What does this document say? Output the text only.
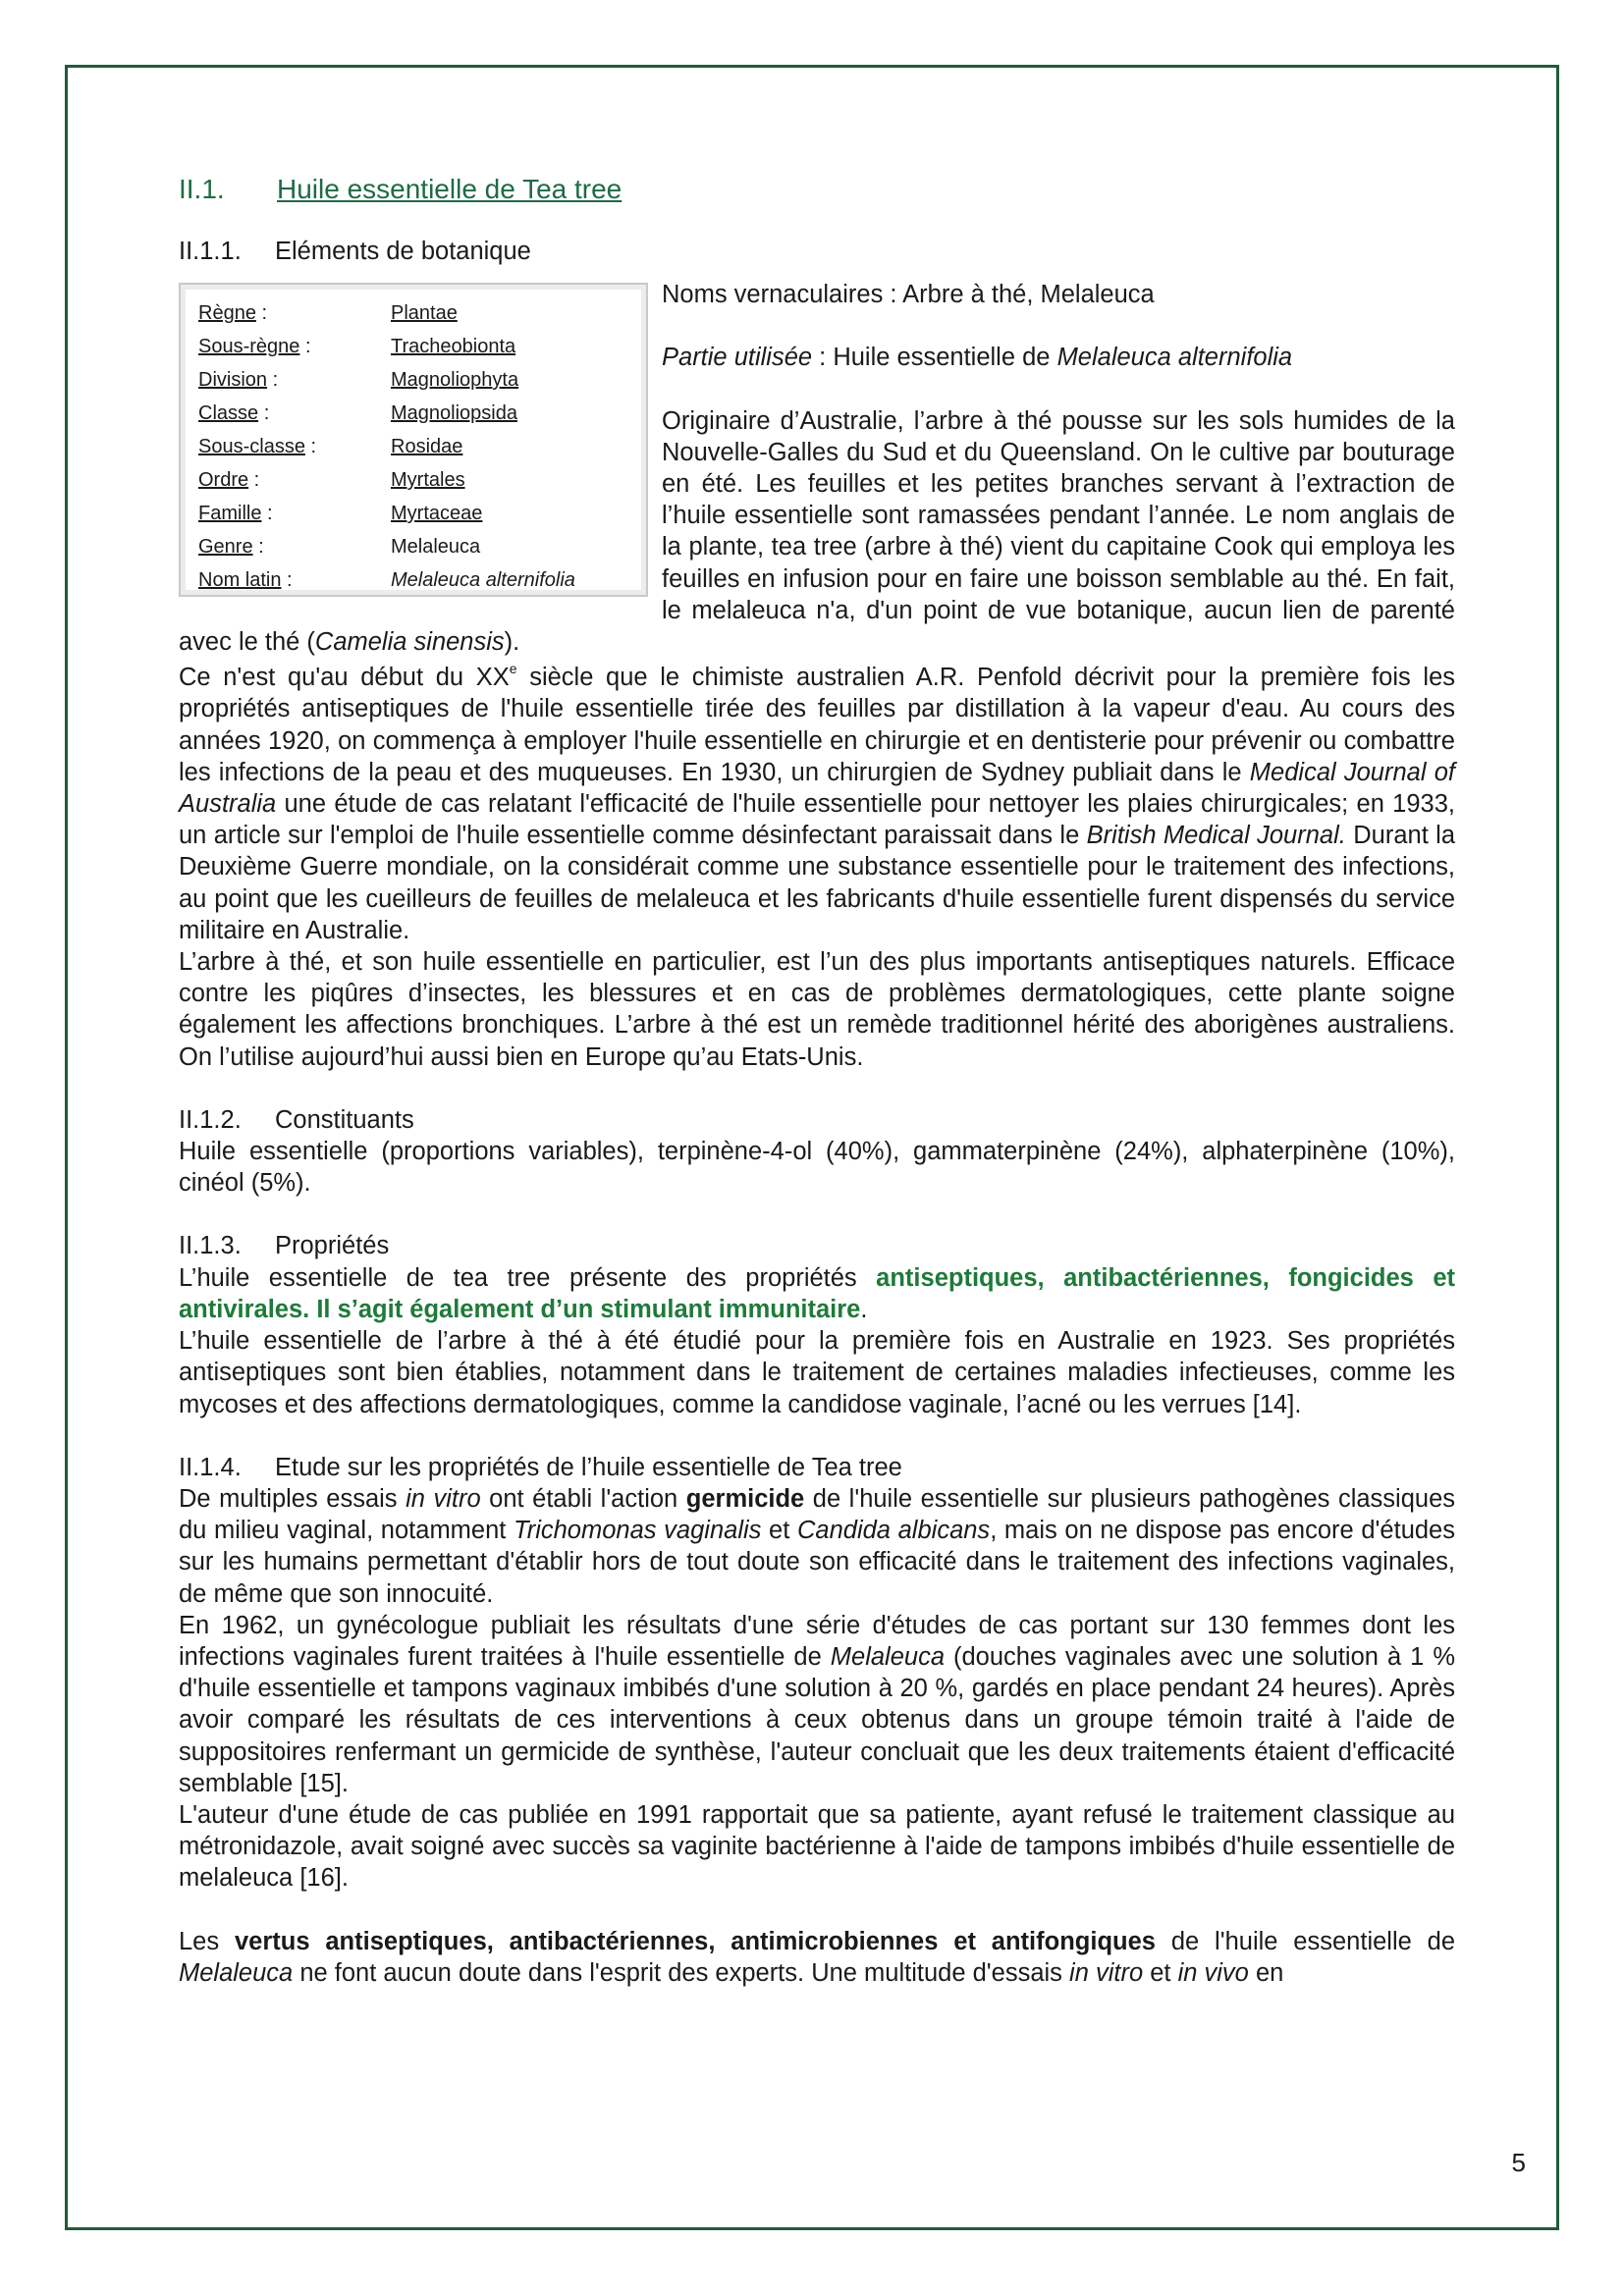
II.1. Huile essentielle de Tea tree
II.1.1. Eléments de botanique
Règne :	Plantae
Sous-règne :	Tracheobionta
Division :	Magnoliophyta
Classe :	Magnoliopsida
Sous-classe :	Rosidae
Ordre :	Myrtales
Famille :	Myrtaceae
Genre :	Melaleuca
Nom latin :	Melaleuca alternifolia

Noms vernaculaires : Arbre à thé, Melaleuca

Partie utilisée : Huile essentielle de Melaleuca alternifolia

Originaire d’Australie, l’arbre à thé pousse sur les sols humides de la Nouvelle-Galles du Sud et du Queensland. On le cultive par bouturage en été. Les feuilles et les petites branches servant à l’extraction de l’huile essentielle sont ramassées pendant l’année. Le nom anglais de la plante, tea tree (arbre à thé) vient du capitaine Cook qui employa les feuilles en infusion pour en faire une boisson semblable au thé. En fait, le melaleuca n'a, d'un point de vue botanique, aucun lien de parenté avec le thé (Camelia sinensis).

Ce n'est qu'au début du XXe siècle que le chimiste australien A.R. Penfold décrivit pour la première fois les propriétés antiseptiques de l'huile essentielle tirée des feuilles par distillation à la vapeur d'eau. Au cours des années 1920, on commença à employer l'huile essentielle en chirurgie et en dentisterie pour prévenir ou combattre les infections de la peau et des muqueuses. En 1930, un chirurgien de Sydney publiait dans le Medical Journal of Australia une étude de cas relatant l'efficacité de l'huile essentielle pour nettoyer les plaies chirurgicales; en 1933, un article sur l'emploi de l'huile essentielle comme désinfectant paraissait dans le British Medical Journal. Durant la Deuxième Guerre mondiale, on la considérait comme une substance essentielle pour le traitement des infections, au point que les cueilleurs de feuilles de melaleuca et les fabricants d'huile essentielle furent dispensés du service militaire en Australie.

L’arbre à thé, et son huile essentielle en particulier, est l’un des plus importants antiseptiques naturels. Efficace contre les piqûres d’insectes, les blessures et en cas de problèmes dermatologiques, cette plante soigne également les affections bronchiques. L’arbre à thé est un remède traditionnel hérité des aborigènes australiens. On l’utilise aujourd’hui aussi bien en Europe qu’au Etats-Unis.

II.1.2. Constituants

Huile essentielle (proportions variables), terpinène-4-ol (40%), gammaterpinène (24%), alphaterpinène (10%), cinéol (5%).

II.1.3. Propriétés

L’huile essentielle de tea tree présente des propriétés antiseptiques, antibactériennes, fongicides et antivirales. Il s’agit également d’un stimulant immunitaire.

L’huile essentielle de l’arbre à thé à été étudié pour la première fois en Australie en 1923. Ses propriétés antiseptiques sont bien établies, notamment dans le traitement de certaines maladies infectieuses, comme les mycoses et des affections dermatologiques, comme la candidose vaginale, l’acné ou les verrues [14].

II.1.4. Etude sur les propriétés de l’huile essentielle de Tea tree

De multiples essais in vitro ont établi l'action germicide de l'huile essentielle sur plusieurs pathogènes classiques du milieu vaginal, notamment Trichomonas vaginalis et Candida albicans, mais on ne dispose pas encore d'études sur les humains permettant d'établir hors de tout doute son efficacité dans le traitement des infections vaginales, de même que son innocuité.

En 1962, un gynécologue publiait les résultats d'une série d'études de cas portant sur 130 femmes dont les infections vaginales furent traitées à l'huile essentielle de Melaleuca (douches vaginales avec une solution à 1 % d'huile essentielle et tampons vaginaux imbibés d'une solution à 20 %, gardés en place pendant 24 heures). Après avoir comparé les résultats de ces interventions à ceux obtenus dans un groupe témoin traité à l'aide de suppositoires renfermant un germicide de synthèse, l'auteur concluait que les deux traitements étaient d'efficacité semblable [15].

L'auteur d'une étude de cas publiée en 1991 rapportait que sa patiente, ayant refusé le traitement classique au métronidazole, avait soigné avec succès sa vaginite bactérienne à l'aide de tampons imbibés d'huile essentielle de melaleuca [16].

Les vertus antiseptiques, antibactériennes, antimicrobiennes et antifongiques de l'huile essentielle de Melaleuca ne font aucun doute dans l'esprit des experts. Une multitude d'essais in vitro et in vivo en

5
